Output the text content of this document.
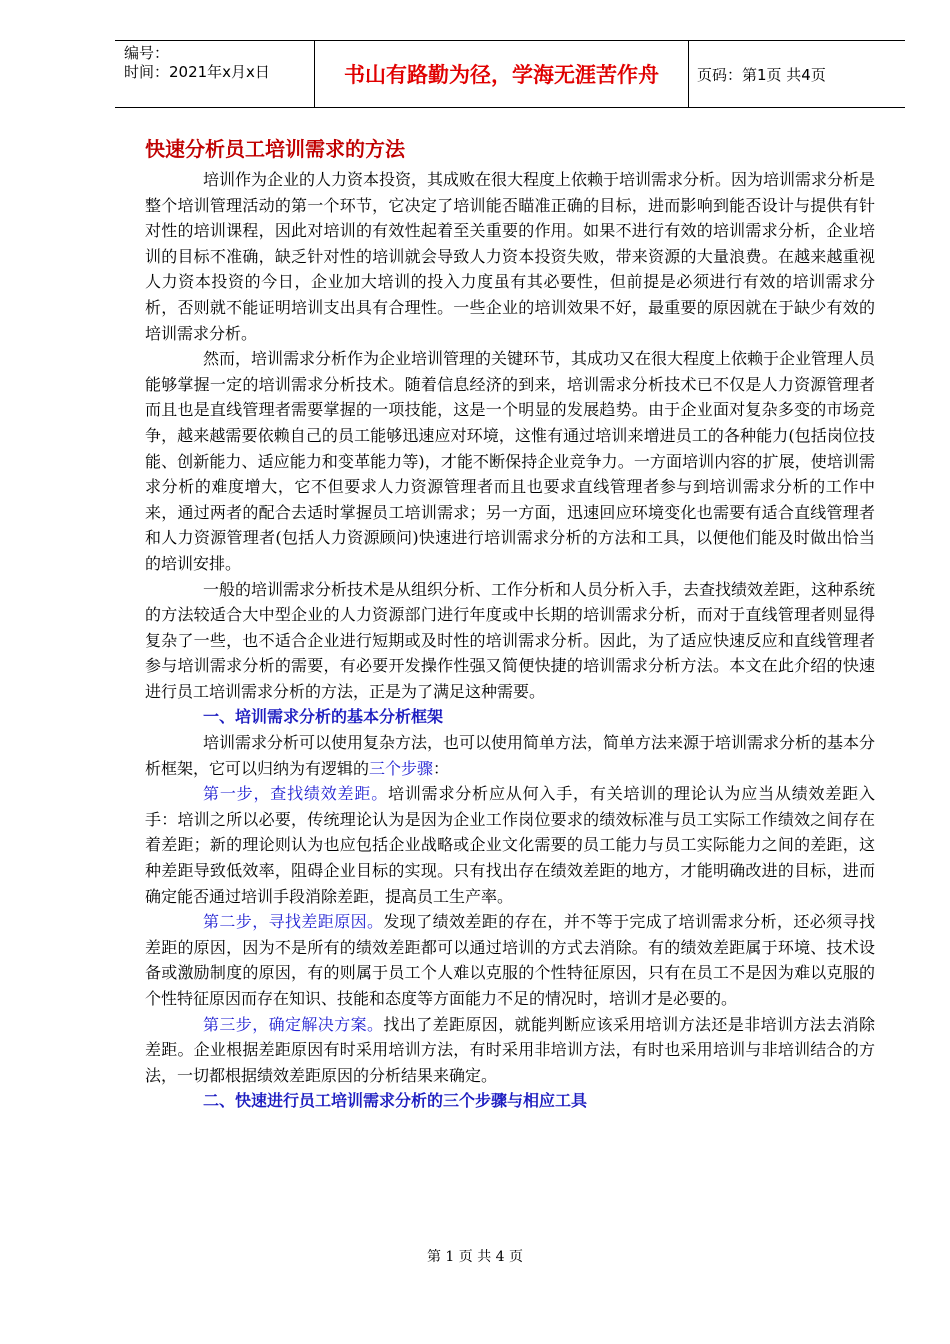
编号：
时间：2021年x月x日	书山有路勤为径，学海无涯苦作舟	页码：第1页 共4页
快速分析员工培训需求的方法

培训作为企业的人力资本投资，其成败在很大程度上依赖于培训需求分析。因为培训需求分析是整个培训管理活动的第一个环节，它决定了培训能否瞄准正确的目标，进而影响到能否设计与提供有针对性的培训课程，因此对培训的有效性起着至关重要的作用。如果不进行有效的培训需求分析，企业培训的目标不准确，缺乏针对性的培训就会导致人力资本投资失败，带来资源的大量浪费。在越来越重视人力资本投资的今日，企业加大培训的投入力度虽有其必要性，但前提是必须进行有效的培训需求分析，否则就不能证明培训支出具有合理性。一些企业的培训效果不好，最重要的原因就在于缺少有效的培训需求分析。

然而，培训需求分析作为企业培训管理的关键环节，其成功又在很大程度上依赖于企业管理人员能够掌握一定的培训需求分析技术。随着信息经济的到来，培训需求分析技术已不仅是人力资源管理者而且也是直线管理者需要掌握的一项技能，这是一个明显的发展趋势。由于企业面对复杂多变的市场竞争，越来越需要依赖自己的员工能够迅速应对环境，这惟有通过培训来增进员工的各种能力(包括岗位技能、创新能力、适应能力和变革能力等)，才能不断保持企业竞争力。一方面培训内容的扩展，使培训需求分析的难度增大，它不但要求人力资源管理者而且也要求直线管理者参与到培训需求分析的工作中来，通过两者的配合去适时掌握员工培训需求；另一方面，迅速回应环境变化也需要有适合直线管理者和人力资源管理者(包括人力资源顾问)快速进行培训需求分析的方法和工具，以便他们能及时做出恰当的培训安排。

一般的培训需求分析技术是从组织分析、工作分析和人员分析入手，去查找绩效差距，这种系统的方法较适合大中型企业的人力资源部门进行年度或中长期的培训需求分析，而对于直线管理者则显得复杂了一些，也不适合企业进行短期或及时性的培训需求分析。因此，为了适应快速反应和直线管理者参与培训需求分析的需要，有必要开发操作性强又简便快捷的培训需求分析方法。本文在此介绍的快速进行员工培训需求分析的方法，正是为了满足这种需要。

一、培训需求分析的基本分析框架

培训需求分析可以使用复杂方法，也可以使用简单方法，简单方法来源于培训需求分析的基本分析框架，它可以归纳为有逻辑的三个步骤：

第一步，查找绩效差距。培训需求分析应从何入手，有关培训的理论认为应当从绩效差距入手：培训之所以必要，传统理论认为是因为企业工作岗位要求的绩效标准与员工实际工作绩效之间存在着差距；新的理论则认为也应包括企业战略或企业文化需要的员工能力与员工实际能力之间的差距，这种差距导致低效率，阻碍企业目标的实现。只有找出存在绩效差距的地方，才能明确改进的目标，进而确定能否通过培训手段消除差距，提高员工生产率。

第二步，寻找差距原因。发现了绩效差距的存在，并不等于完成了培训需求分析，还必须寻找差距的原因，因为不是所有的绩效差距都可以通过培训的方式去消除。有的绩效差距属于环境、技术设备或激励制度的原因，有的则属于员工个人难以克服的个性特征原因，只有在员工不是因为难以克服的个性特征原因而存在知识、技能和态度等方面能力不足的情况时，培训才是必要的。

第三步，确定解决方案。找出了差距原因，就能判断应该采用培训方法还是非培训方法去消除差距。企业根据差距原因有时采用培训方法，有时采用非培训方法，有时也采用培训与非培训结合的方法，一切都根据绩效差距原因的分析结果来确定。

二、快速进行员工培训需求分析的三个步骤与相应工具
第 1 页 共 4 页
